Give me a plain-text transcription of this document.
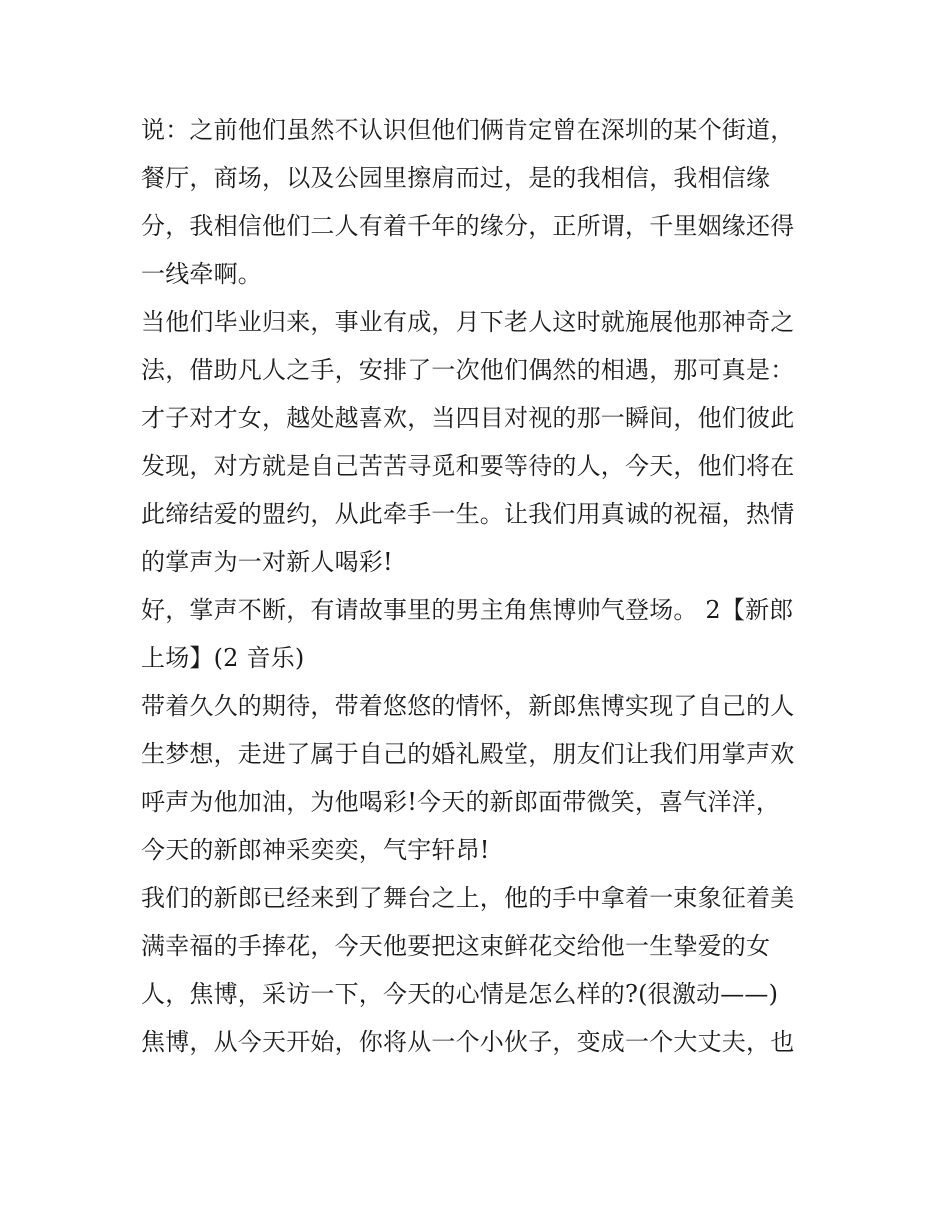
说：之前他们虽然不认识但他们俩肯定曾在深圳的某个街道，
餐厅，商场，以及公园里擦肩而过，是的我相信，我相信缘
分，我相信他们二人有着千年的缘分，正所谓，千里姻缘还得
一线牵啊。
当他们毕业归来，事业有成，月下老人这时就施展他那神奇之
法，借助凡人之手，安排了一次他们偶然的相遇，那可真是：
才子对才女，越处越喜欢，当四目对视的那一瞬间，他们彼此
发现，对方就是自己苦苦寻觅和要等待的人，今天，他们将在
此缔结爱的盟约，从此牵手一生。让我们用真诚的祝福，热情
的掌声为一对新人喝彩!
好，掌声不断，有请故事里的男主角焦博帅气登场。 2【新郎
上场】(2 音乐)
带着久久的期待，带着悠悠的情怀，新郎焦博实现了自己的人
生梦想，走进了属于自己的婚礼殿堂，朋友们让我们用掌声欢
呼声为他加油，为他喝彩!今天的新郎面带微笑，喜气洋洋，
今天的新郎神采奕奕，气宇轩昂!
我们的新郎已经来到了舞台之上，他的手中拿着一束象征着美
满幸福的手捧花，今天他要把这束鲜花交给他一生挚爱的女
人，焦博，采访一下，今天的心情是怎么样的?(很激动——)
焦博，从今天开始，你将从一个小伙子，变成一个大丈夫，也
